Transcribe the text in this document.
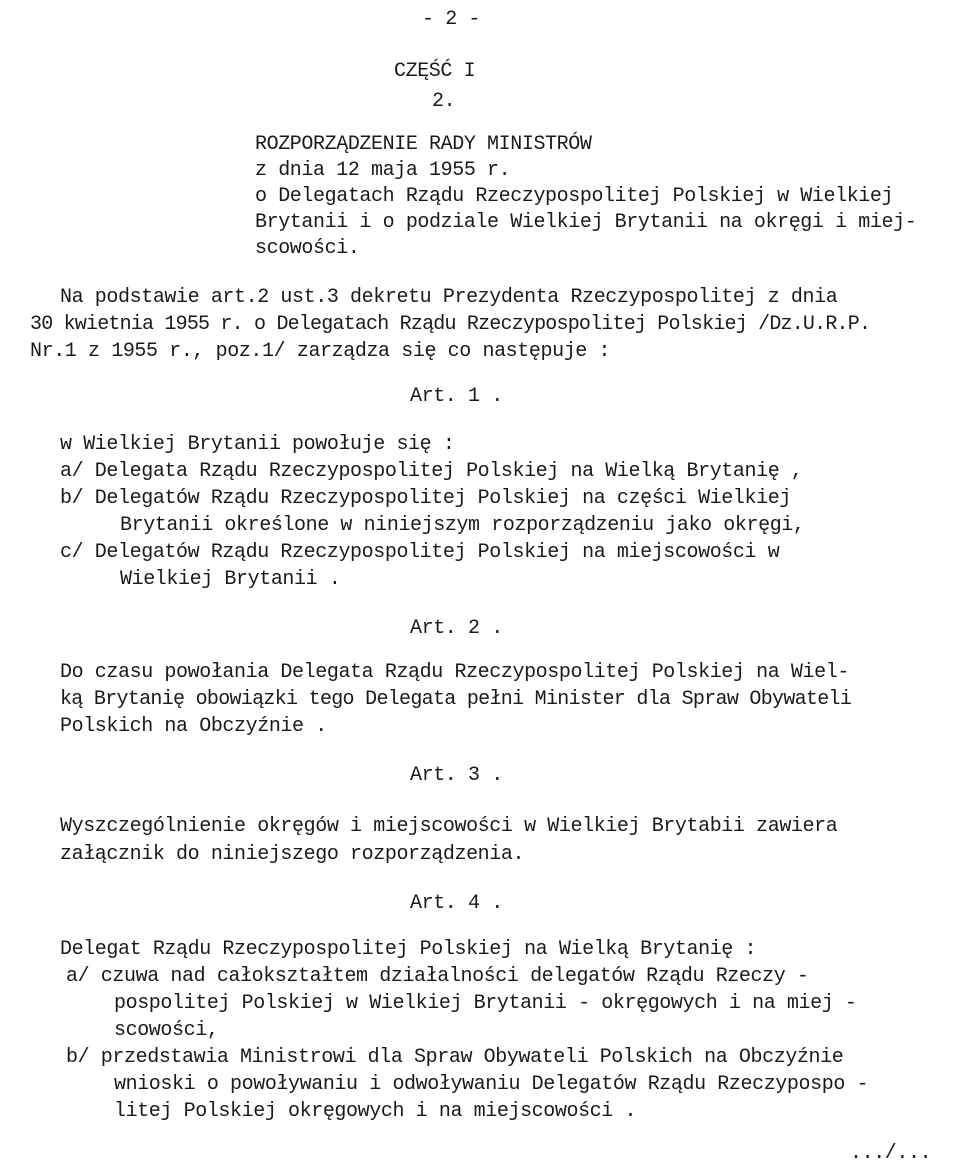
- 2 -
CZĘŚĆ I
2.
ROZPORZĄDZENIE RADY MINISTRÓW
z dnia 12 maja 1955 r.
o Delegatach Rządu Rzeczypospolitej Polskiej w Wielkiej
Brytanii i o podziale Wielkiej Brytanii na okręgi i miej-
scowości.
Na podstawie art.2 ust.3 dekretu Prezydenta Rzeczypospolitej z dnia
30 kwietnia 1955 r. o Delegatach Rządu Rzeczypospolitej Polskiej /Dz.U.R.P.
Nr.1 z 1955 r., poz.1/ zarządza się co następuje :
Art. 1 .
w Wielkiej Brytanii powołuje się :
a/ Delegata Rządu Rzeczypospolitej Polskiej na Wielką Brytanię ,
b/ Delegatów Rządu Rzeczypospolitej Polskiej na części Wielkiej
Brytanii określone w niniejszym rozporządzeniu jako okręgi,
c/ Delegatów Rządu Rzeczypospolitej Polskiej na miejscowości w
Wielkiej Brytanii .
Art. 2 .
Do czasu powołania Delegata Rządu Rzeczypospolitej Polskiej na Wiel-
ką Brytanię obowiązki tego Delegata pełni Minister dla Spraw Obywateli
Polskich na Obczyźnie .
Art. 3 .
Wyszczególnienie okręgów i miejscowości w Wielkiej Brytabii zawiera
załącznik do niniejszego rozporządzenia.
Art. 4 .
Delegat Rządu Rzeczypospolitej Polskiej na Wielką Brytanię :
a/ czuwa nad całokształtem działalności delegatów Rządu Rzeczy -
pospolitej Polskiej w Wielkiej Brytanii - okręgowych i na miej -
scowości,
b/ przedstawia Ministrowi dla Spraw Obywateli Polskich na Obczyźnie
wnioski o powoływaniu i odwoływaniu Delegatów Rządu Rzeczypospo -
litej Polskiej okręgowych i na miejscowości .
.../...
